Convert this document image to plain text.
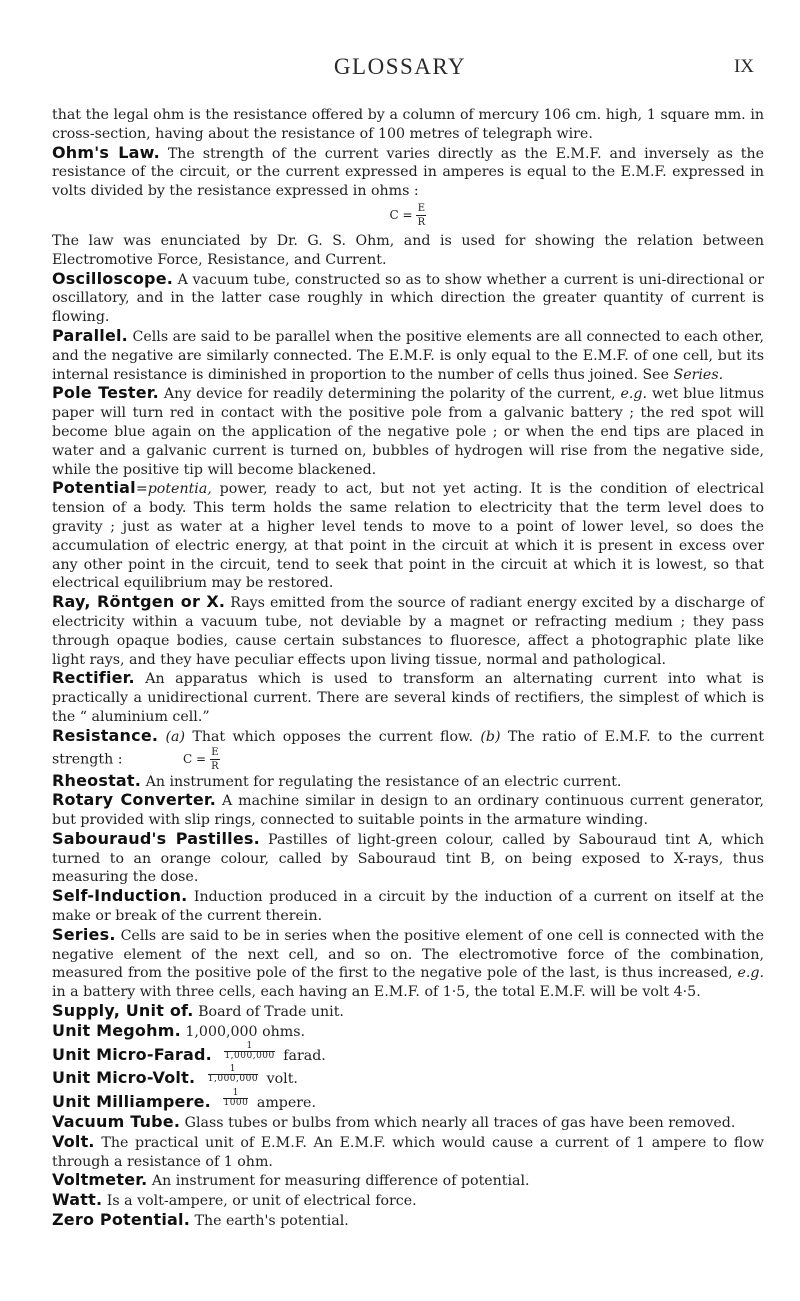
GLOSSARY	IX

that the legal ohm is the resistance offered by a column of mercury 106 cm. high, 1 square mm. in cross-section, having about the resistance of 100 metres of telegraph wire.

Ohm's Law. The strength of the current varies directly as the E.M.F. and inversely as the resistance of the circuit, or the current expressed in amperes is equal to the E.M.F. expressed in volts divided by the resistance expressed in ohms :

$C = \frac{E}{R}$

The law was enunciated by Dr. G. S. Ohm, and is used for showing the relation between Electromotive Force, Resistance, and Current.

Oscilloscope. A vacuum tube, constructed so as to show whether a current is uni-directional or oscillatory, and in the latter case roughly in which direction the greater quantity of current is flowing.

Parallel. Cells are said to be parallel when the positive elements are all connected to each other, and the negative are similarly connected. The E.M.F. is only equal to the E.M.F. of one cell, but its internal resistance is diminished in proportion to the number of cells thus joined. See Series.

Pole Tester. Any device for readily determining the polarity of the current, e.g. wet blue litmus paper will turn red in contact with the positive pole from a galvanic battery ; the red spot will become blue again on the application of the negative pole ; or when the end tips are placed in water and a galvanic current is turned on, bubbles of hydrogen will rise from the negative side, while the positive tip will become blackened.

Potential=potentia, power, ready to act, but not yet acting. It is the condition of electrical tension of a body. This term holds the same relation to electricity that the term level does to gravity ; just as water at a higher level tends to move to a point of lower level, so does the accumulation of electric energy, at that point in the circuit at which it is present in excess over any other point in the circuit, tend to seek that point in the circuit at which it is lowest, so that electrical equilibrium may be restored.

Ray, Röntgen or X. Rays emitted from the source of radiant energy excited by a discharge of electricity within a vacuum tube, not deviable by a magnet or refracting medium ; they pass through opaque bodies, cause certain substances to fluoresce, affect a photographic plate like light rays, and they have peculiar effects upon living tissue, normal and pathological.

Rectifier. An apparatus which is used to transform an alternating current into what is practically a unidirectional current. There are several kinds of rectifiers, the simplest of which is the “ aluminium cell.”

Resistance. (a) That which opposes the current flow. (b) The ratio of E.M.F. to the current strength :	$C = \frac{E}{R}$

Rheostat. An instrument for regulating the resistance of an electric current.

Rotary Converter. A machine similar in design to an ordinary continuous current generator, but provided with slip rings, connected to suitable points in the armature winding.

Sabouraud's Pastilles. Pastilles of light-green colour, called by Sabouraud tint A, which turned to an orange colour, called by Sabouraud tint B, on being exposed to X-rays, thus measuring the dose.

Self-Induction. Induction produced in a circuit by the induction of a current on itself at the make or break of the current therein.

Series. Cells are said to be in series when the positive element of one cell is connected with the negative element of the next cell, and so on. The electromotive force of the combination, measured from the positive pole of the first to the negative pole of the last, is thus increased, e.g. in a battery with three cells, each having an E.M.F. of 1·5, the total E.M.F. will be volt 4·5.

Supply, Unit of. Board of Trade unit.

Unit Megohm. 1,000,000 ohms.

Unit Micro-Farad. $\frac{1}{1,000,000}$ farad.

Unit Micro-Volt. $\frac{1}{1,000,000}$ volt.

Unit Milliampere. $\frac{1}{1000}$ ampere.

Vacuum Tube. Glass tubes or bulbs from which nearly all traces of gas have been removed.

Volt. The practical unit of E.M.F. An E.M.F. which would cause a current of 1 ampere to flow through a resistance of 1 ohm.

Voltmeter. An instrument for measuring difference of potential.

Watt. Is a volt-ampere, or unit of electrical force.

Zero Potential. The earth's potential.
